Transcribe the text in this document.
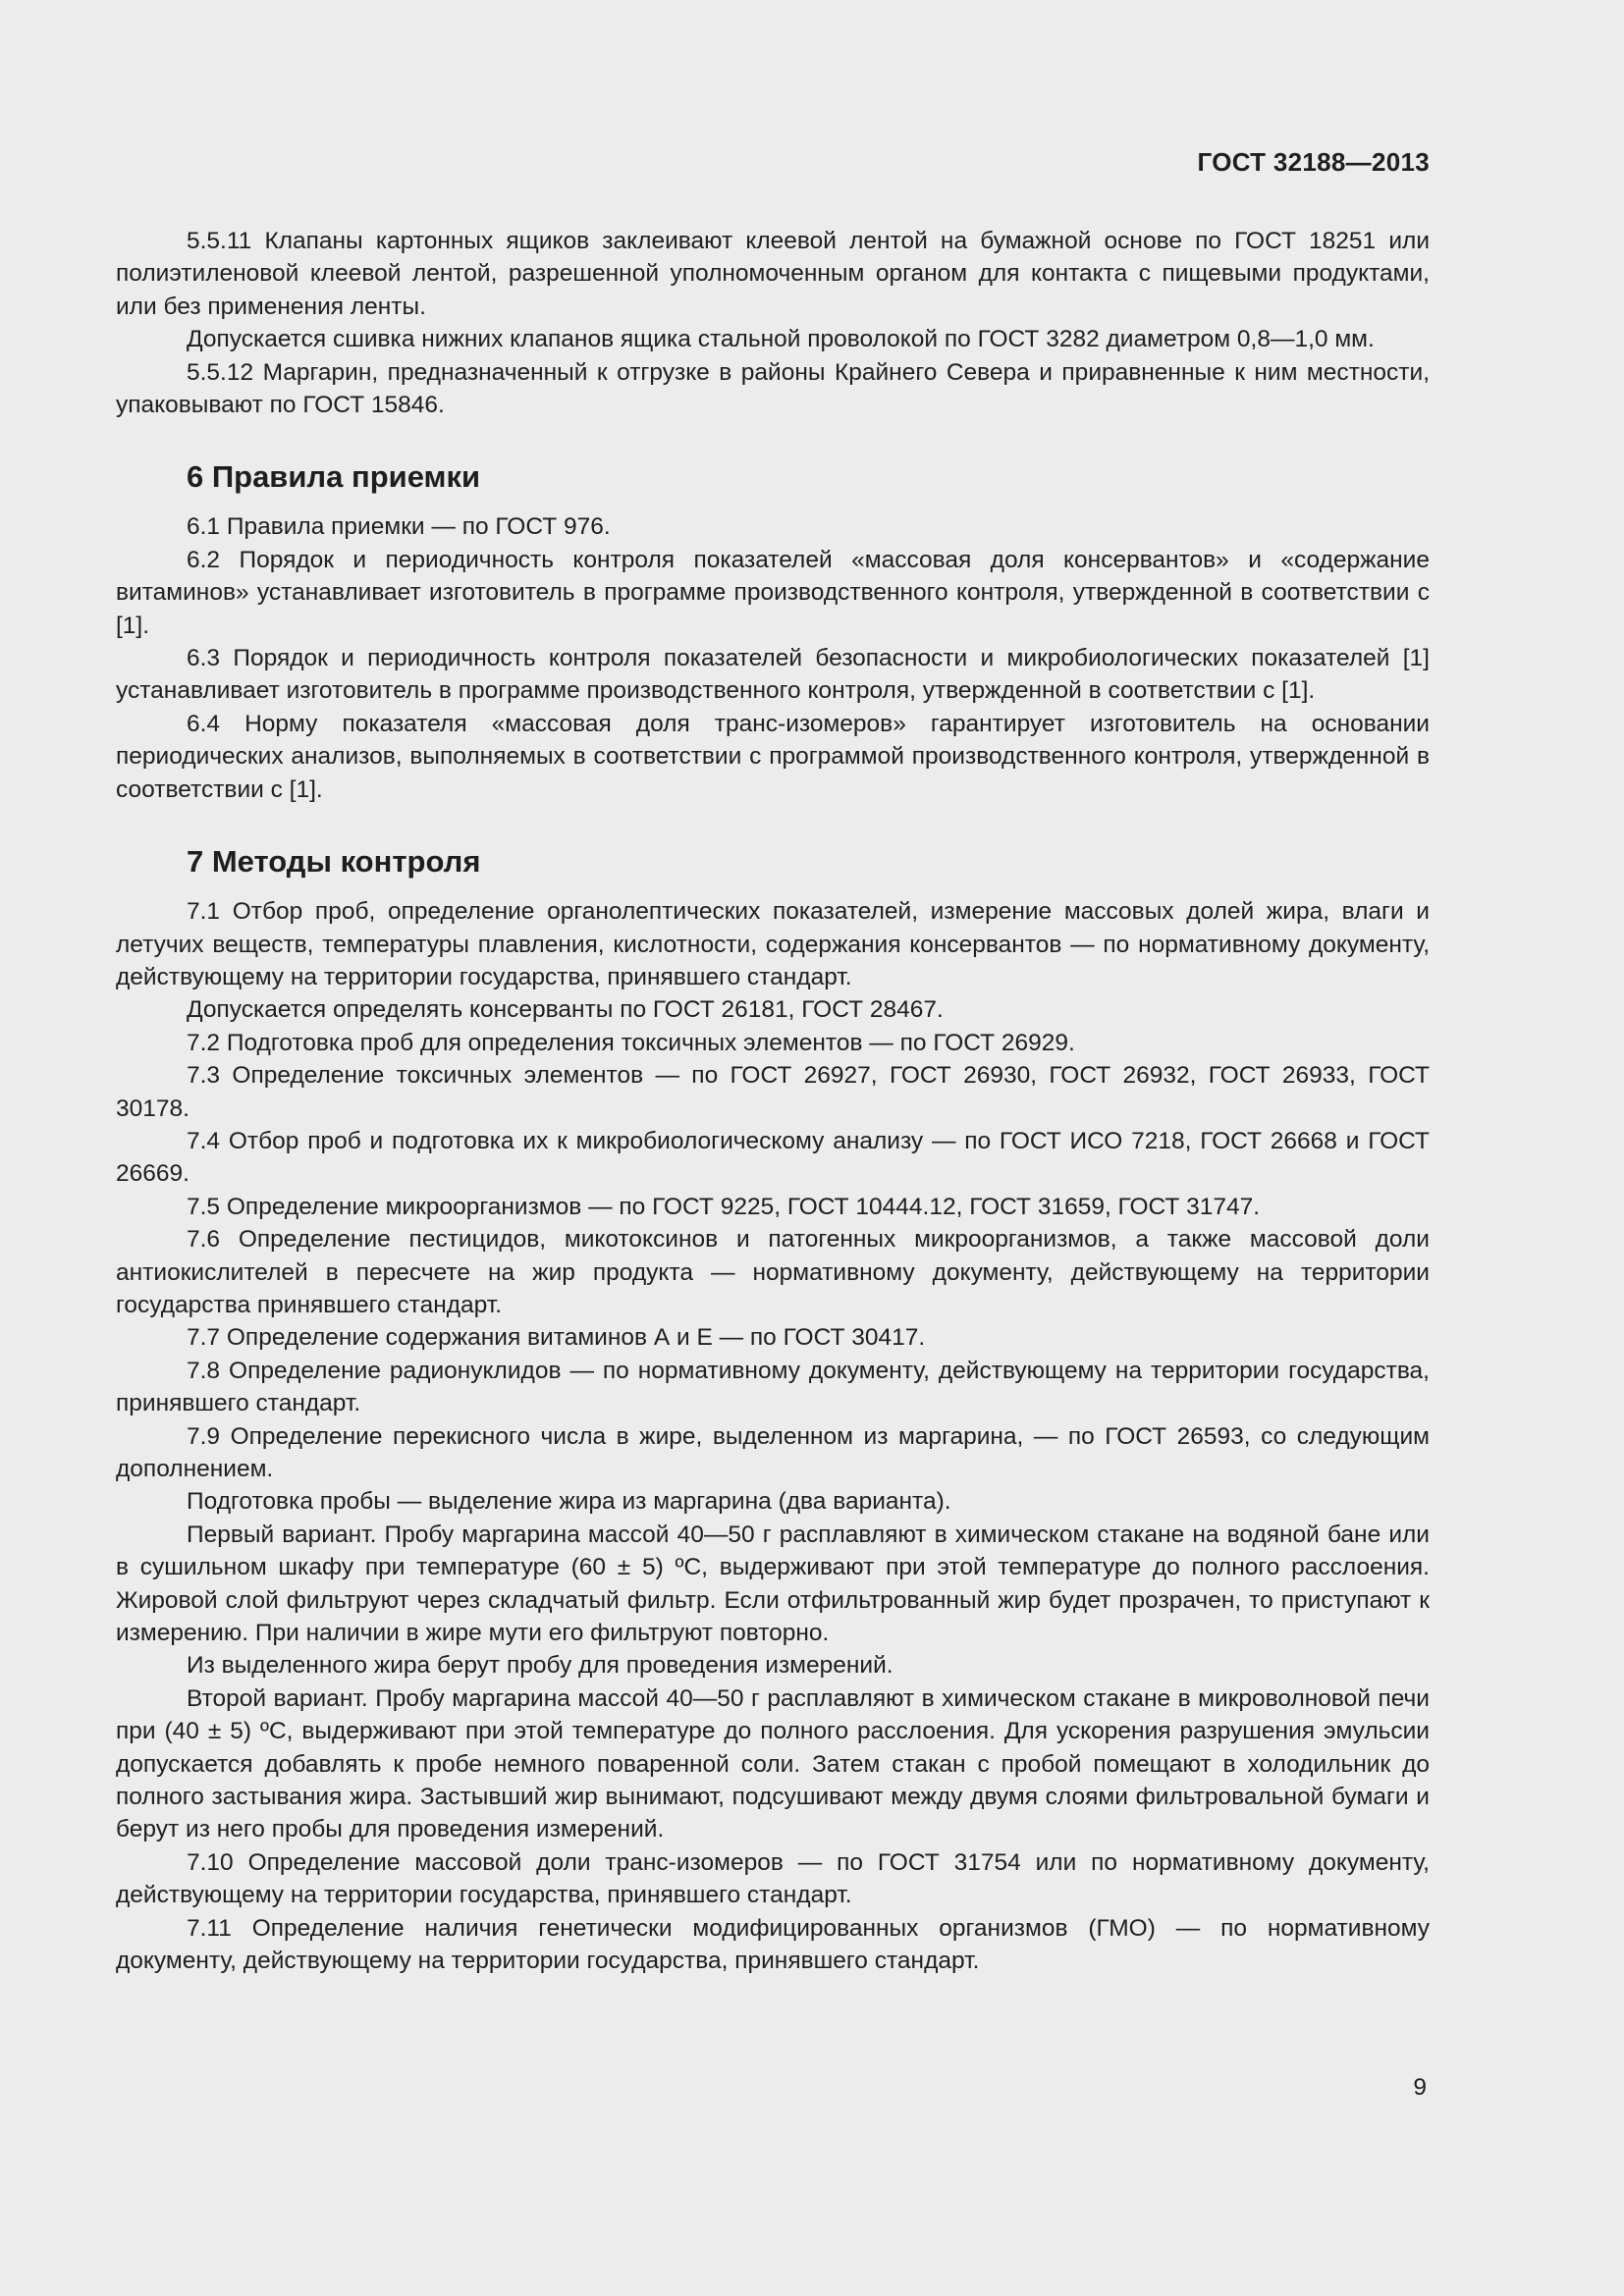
ГОСТ 32188—2013

5.5.11 Клапаны картонных ящиков заклеивают клеевой лентой на бумажной основе по ГОСТ 18251 или полиэтиленовой клеевой лентой, разрешенной уполномоченным органом для контакта с пищевыми продуктами, или без применения ленты.

Допускается сшивка нижних клапанов ящика стальной проволокой по ГОСТ 3282 диаметром 0,8—1,0 мм.

5.5.12 Маргарин, предназначенный к отгрузке в районы Крайнего Севера и приравненные к ним местности, упаковывают по ГОСТ 15846.

6 Правила приемки

6.1 Правила приемки — по ГОСТ 976.

6.2 Порядок и периодичность контроля показателей «массовая доля консервантов» и «содержание витаминов» устанавливает изготовитель в программе производственного контроля, утвержденной в соответствии с [1].

6.3 Порядок и периодичность контроля показателей безопасности и микробиологических показателей [1] устанавливает изготовитель в программе производственного контроля, утвержденной в соответствии с [1].

6.4 Норму показателя «массовая доля транс-изомеров» гарантирует изготовитель на основании периодических анализов, выполняемых в соответствии с программой производственного контроля, утвержденной в соответствии с [1].

7 Методы контроля

7.1 Отбор проб, определение органолептических показателей, измерение массовых долей жира, влаги и летучих веществ, температуры плавления, кислотности, содержания консервантов — по нормативному документу, действующему на территории государства, принявшего стандарт.

Допускается определять консерванты по ГОСТ 26181, ГОСТ 28467.

7.2 Подготовка проб для определения токсичных элементов — по ГОСТ 26929.

7.3 Определение токсичных элементов — по ГОСТ 26927, ГОСТ 26930, ГОСТ 26932, ГОСТ 26933, ГОСТ 30178.

7.4 Отбор проб и подготовка их к микробиологическому анализу — по ГОСТ ИСО 7218, ГОСТ 26668 и ГОСТ 26669.

7.5 Определение микроорганизмов — по ГОСТ 9225, ГОСТ 10444.12, ГОСТ 31659, ГОСТ 31747.

7.6 Определение пестицидов, микотоксинов и патогенных микроорганизмов, а также массовой доли антиокислителей в пересчете на жир продукта — нормативному документу, действующему на территории государства принявшего стандарт.

7.7 Определение содержания витаминов А и Е — по ГОСТ 30417.

7.8 Определение радионуклидов — по нормативному документу, действующему на территории государства, принявшего стандарт.

7.9 Определение перекисного числа в жире, выделенном из маргарина, — по ГОСТ 26593, со следующим дополнением.

Подготовка пробы — выделение жира из маргарина (два варианта).

Первый вариант. Пробу маргарина массой 40—50 г расплавляют в химическом стакане на водяной бане или в сушильном шкафу при температуре (60 ± 5) ºС, выдерживают при этой температуре до полного расслоения. Жировой слой фильтруют через складчатый фильтр. Если отфильтрованный жир будет прозрачен, то приступают к измерению. При наличии в жире мути его фильтруют повторно.

Из выделенного жира берут пробу для проведения измерений.

Второй вариант. Пробу маргарина массой 40—50 г расплавляют в химическом стакане в микроволновой печи при (40 ± 5) ºС, выдерживают при этой температуре до полного расслоения. Для ускорения разрушения эмульсии допускается добавлять к пробе немного поваренной соли. Затем стакан с пробой помещают в холодильник до полного застывания жира. Застывший жир вынимают, подсушивают между двумя слоями фильтровальной бумаги и берут из него пробы для проведения измерений.

7.10 Определение массовой доли транс-изомеров — по ГОСТ 31754 или по нормативному документу, действующему на территории государства, принявшего стандарт.

7.11 Определение наличия генетически модифицированных организмов (ГМО) — по нормативному документу, действующему на территории государства, принявшего стандарт.

9
